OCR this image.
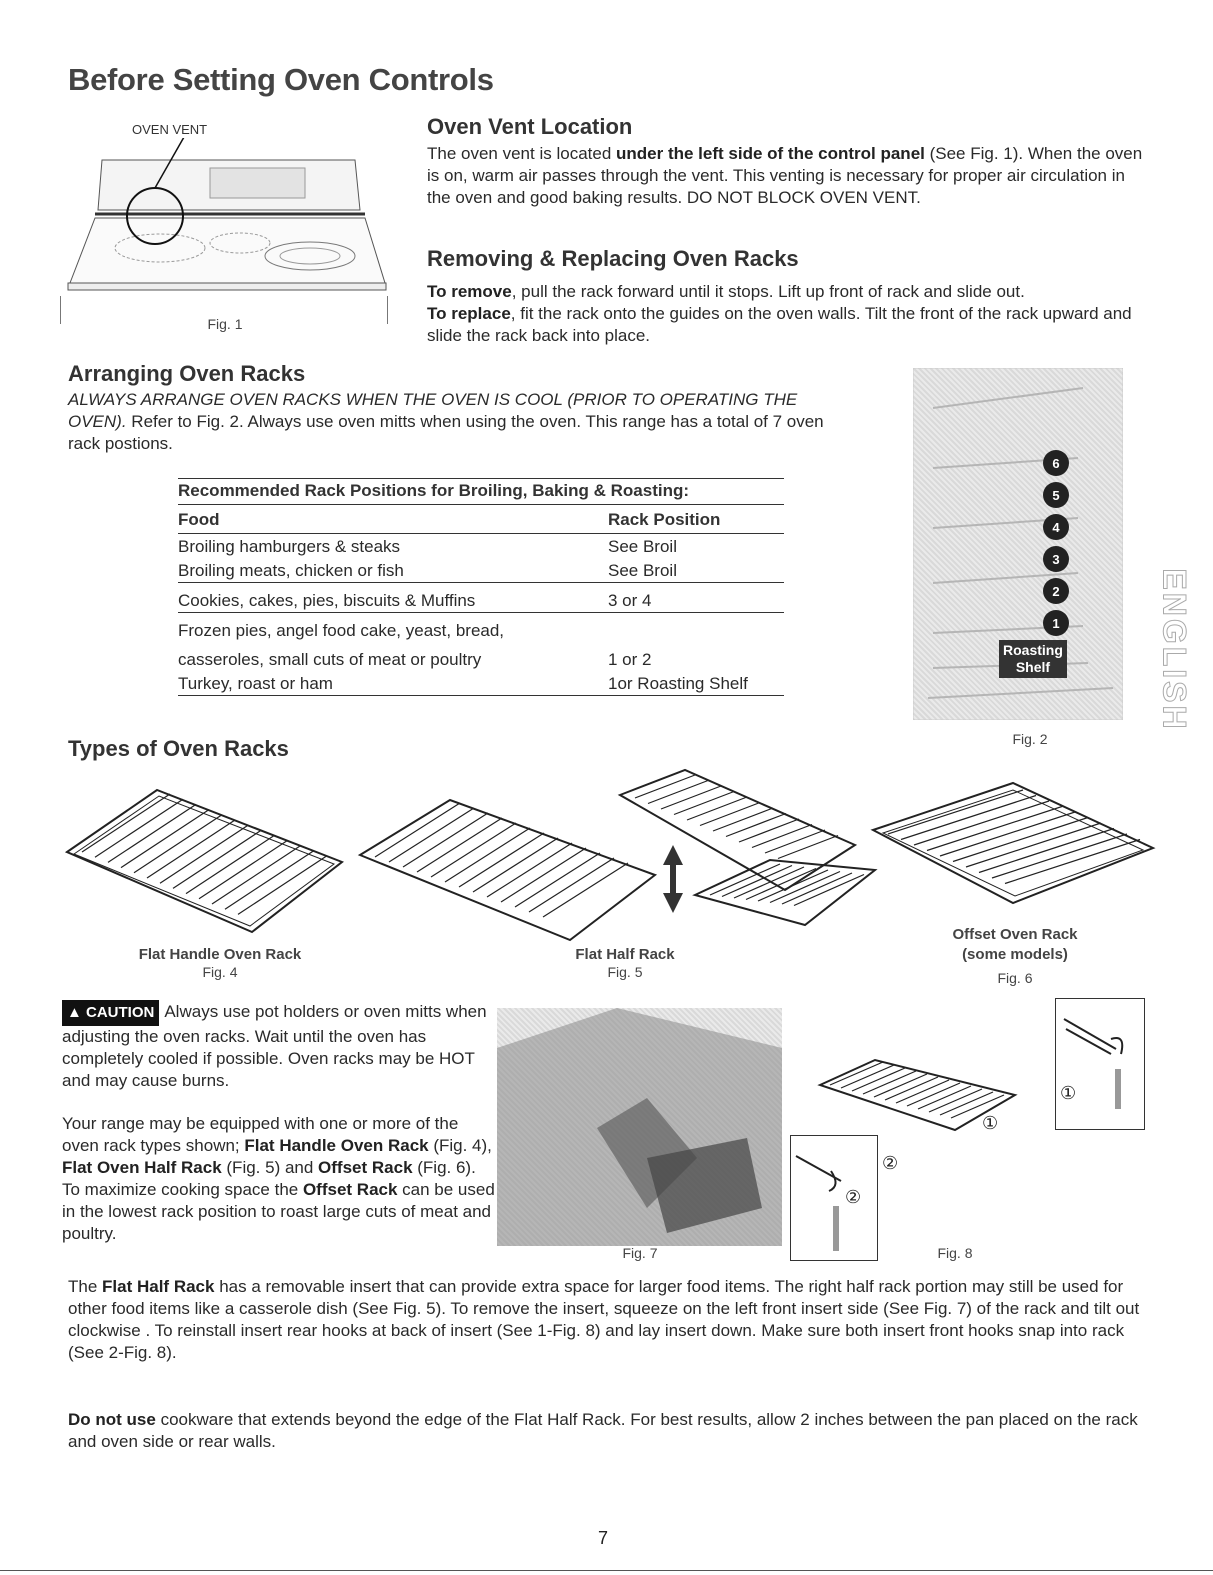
Before Setting Oven Controls
OVEN VENT
Fig. 1
Oven Vent Location
The oven vent is located under the left side of the control panel (See Fig. 1). When the oven is on, warm air passes through the vent. This venting is necessary for proper air circulation in the oven and good baking results. DO NOT BLOCK OVEN VENT.
Removing & Replacing Oven Racks
To remove, pull the rack forward until it stops. Lift up front of rack and slide out.
To replace, fit the rack onto the guides on the oven walls. Tilt the front of the rack upward and slide the rack back into place.
Arranging Oven Racks
ALWAYS ARRANGE OVEN RACKS WHEN THE OVEN IS COOL (PRIOR TO OPERATING THE OVEN). Refer to Fig. 2. Always use oven mitts when using the oven. This range has a total of 7 oven rack postions.
Recommended Rack Positions for Broiling, Baking & Roasting:
Food	Rack Position
Broiling hamburgers & steaks	See Broil
Broiling meats, chicken or fish	See Broil
Cookies, cakes, pies, biscuits & Muffins	3 or 4
Frozen pies, angel food cake, yeast, bread,
casseroles, small cuts of meat or poultry	1 or 2
Turkey, roast or ham	1or Roasting Shelf
6
5
4
3
2
1
Roasting
Shelf
Fig. 2
ENGLISH
Types of Oven Racks
Flat Handle Oven Rack
Fig. 4
Flat Half Rack
Fig. 5
Offset Oven Rack
(some models)
Fig. 6
▲ CAUTION Always use pot holders or oven mitts when adjusting the oven racks. Wait until the oven has completely cooled if possible. Oven racks may be HOT and may cause burns.
Your range may be equipped with one or more of the oven rack types shown; Flat Handle Oven Rack (Fig. 4), Flat Oven Half Rack (Fig. 5) and Offset Rack (Fig. 6). To maximize cooking space the Offset Rack can be used in the lowest rack position to roast large cuts of meat and poultry.
Fig. 7
①
①
②
②
Fig. 8
The Flat Half Rack has a removable insert that can provide extra space for larger food items. The right half rack portion may still be used for other food items like a casserole dish (See Fig. 5). To remove the insert, squeeze on the left front insert side (See Fig. 7) of the rack and tilt out clockwise . To reinstall insert rear hooks at back of insert (See 1-Fig. 8) and lay insert down. Make sure both insert front hooks snap into rack (See 2-Fig. 8).
Do not use cookware that extends beyond the edge of the Flat Half Rack. For best results, allow 2 inches between the pan placed on the rack and oven side or rear walls.
7
